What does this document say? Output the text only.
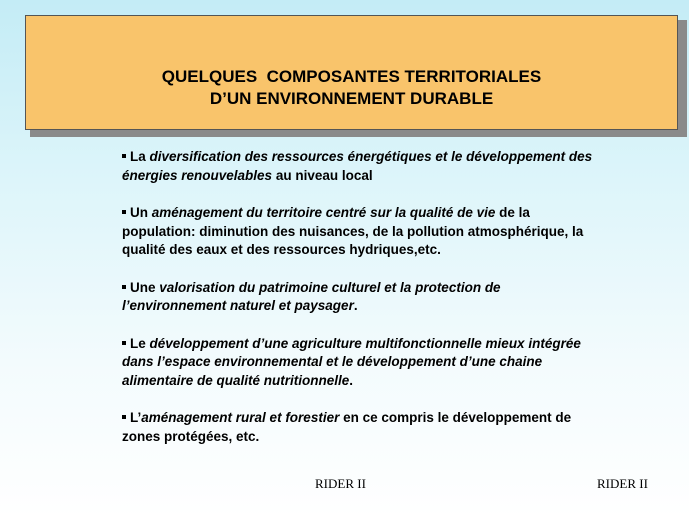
QUELQUES  COMPOSANTES TERRITORIALES
D’UN ENVIRONNEMENT DURABLE

La diversification des ressources énergétiques et le développement des énergies renouvelables au niveau local

Un aménagement du territoire centré sur la qualité de vie de la population: diminution des nuisances, de la pollution atmosphérique, la qualité des eaux et des ressources hydriques,etc.

Une valorisation du patrimoine culturel et la protection de l’environnement naturel et paysager.

Le développement d’une agriculture multifonctionnelle mieux intégrée dans l’espace environnemental et le développement d’une chaine alimentaire de qualité nutritionnelle.

L’aménagement rural et forestier en ce compris le développement de zones protégées, etc.

RIDER II	RIDER II
